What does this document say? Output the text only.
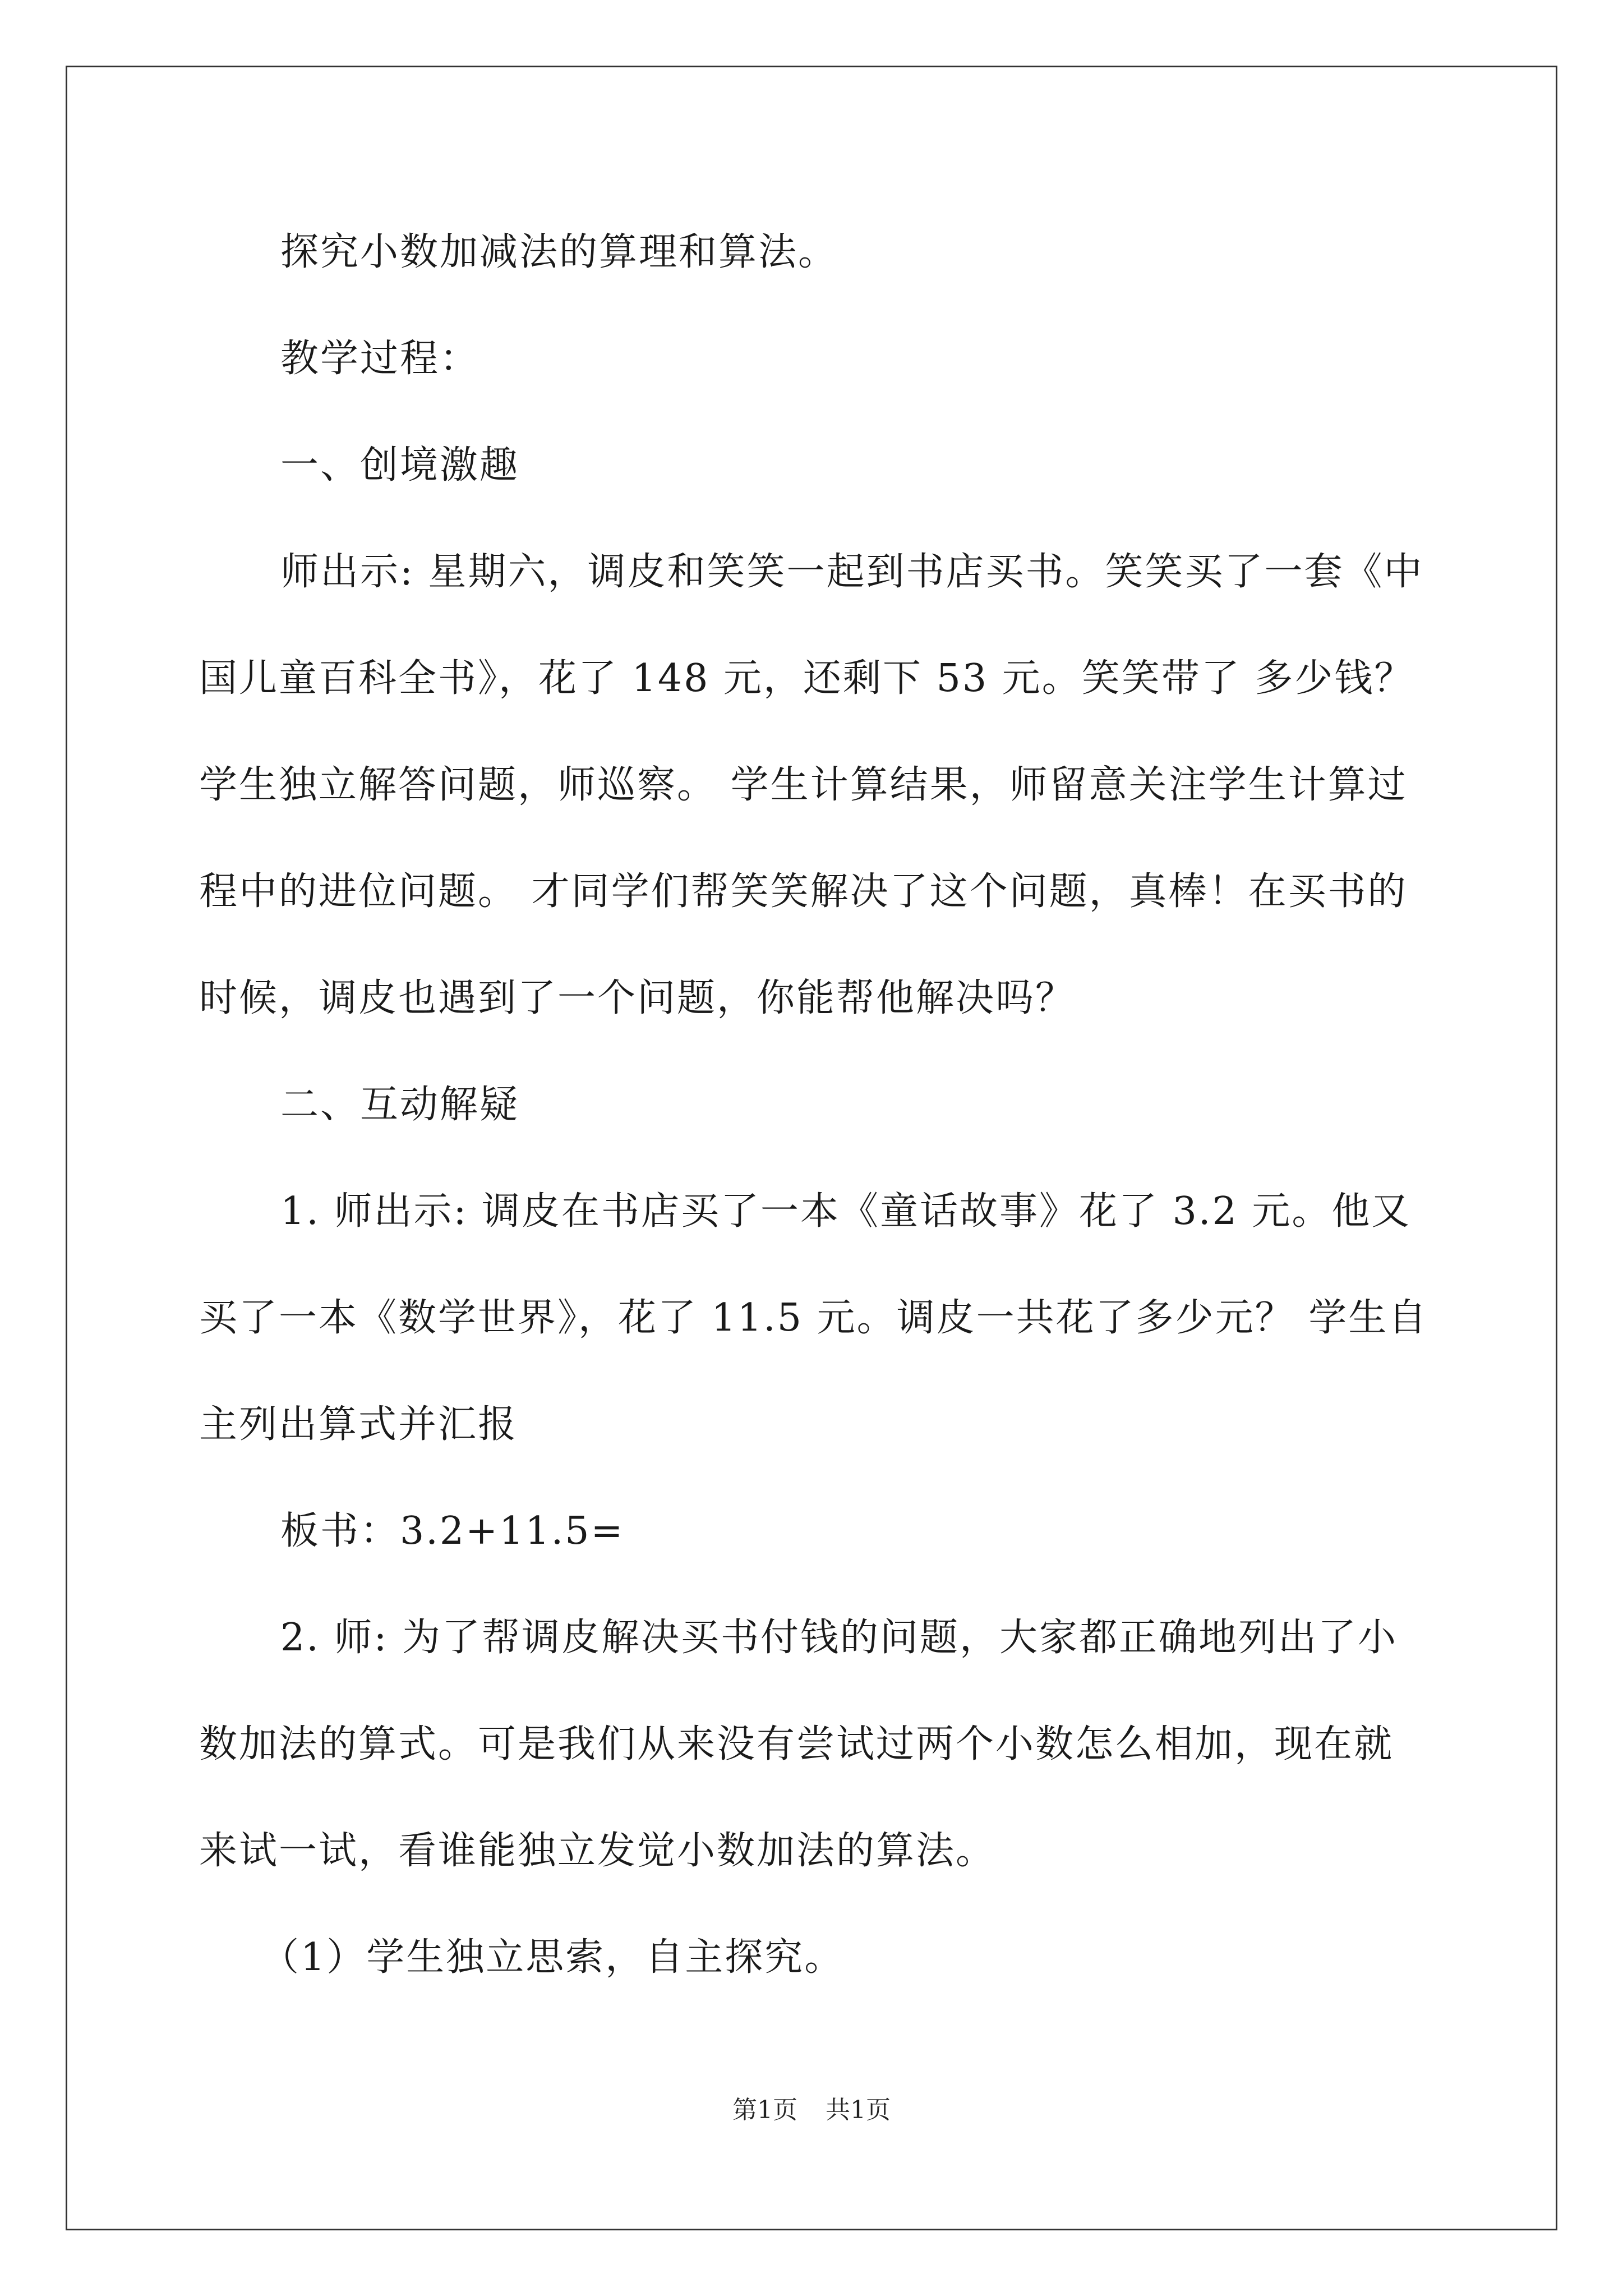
探究小数加减法的算理和算法。
教学过程：
一、创境激趣
师出示: 星期六，调皮和笑笑一起到书店买书。笑笑买了一套《中
国儿童百科全书》，花了 148 元，还剩下 53 元。笑笑带了 多少钱？
学生独立解答问题，师巡察。 学生计算结果，师留意关注学生计算过
程中的进位问题。 才同学们帮笑笑解决了这个问题，真棒！在买书的
时候，调皮也遇到了一个问题，你能帮他解决吗？
二、互动解疑
1. 师出示: 调皮在书店买了一本《童话故事》花了 3.2 元。他又
买了一本《数学世界》，花了 11.5 元。调皮一共花了多少元？ 学生自
主列出算式并汇报
板书：3.2+11.5=
2. 师: 为了帮调皮解决买书付钱的问题，大家都正确地列出了小
数加法的算式。可是我们从来没有尝试过两个小数怎么相加，现在就
来试一试，看谁能独立发觉小数加法的算法。
（1）学生独立思索，自主探究。
第1页 共1页
